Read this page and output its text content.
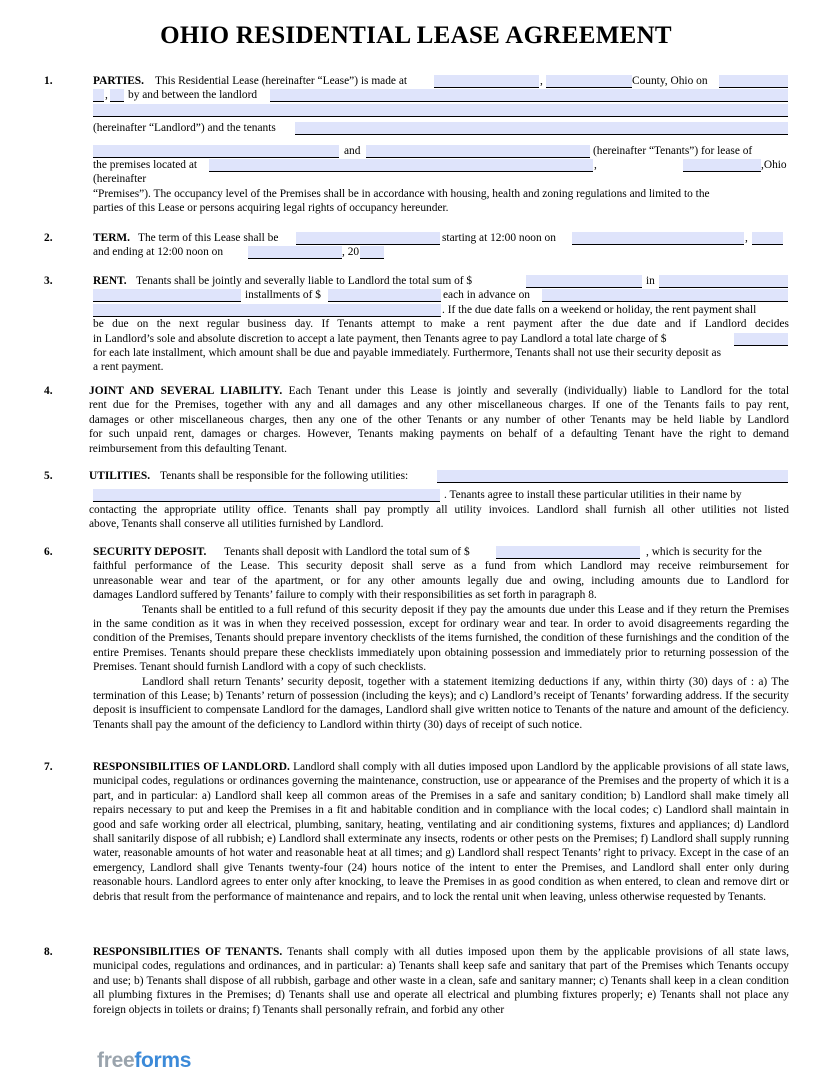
OHIO RESIDENTIAL LEASE AGREEMENT
1.	PARTIES. This Residential Lease (hereinafter “Lease”) is made at	,	County, Ohio on
, by and between the landlord
(hereinafter “Landlord”) and the tenants
and	(hereinafter “Tenants”) for lease of
the premises located at	,	,Ohio
(hereinafter
“Premises”). The occupancy level of the Premises shall be in accordance with housing, health and zoning regulations and limited to the
parties of this Lease or persons acquiring legal rights of occupancy hereunder.
2.	TERM. The term of this Lease shall be	starting at 12:00 noon on	,
and ending at 12:00 noon on	, 20
3.	RENT. Tenants shall be jointly and severally liable to Landlord the total sum of $	in
installments of $	each in advance on
. If the due date falls on a weekend or holiday, the rent payment shall
be due on the next regular business day. If Tenants attempt to make a rent payment after the due date and if Landlord decides
in Landlord’s sole and absolute discretion to accept a late payment, then Tenants agree to pay Landlord a total late charge of $
for each late installment, which amount shall be due and payable immediately. Furthermore, Tenants shall not use their security deposit as
a rent payment.
4.	JOINT AND SEVERAL LIABILITY. Each Tenant under this Lease is jointly and severally (individually) liable to Landlord for the total
rent due for the Premises, together with any and all damages and any other miscellaneous charges. If one of the Tenants fails to pay rent,
damages or other miscellaneous charges, then any one of the other Tenants or any number of other Tenants may be held liable by Landlord
for such unpaid rent, damages or charges. However, Tenants making payments on behalf of a defaulting Tenant have the right to demand
reimbursement from this defaulting Tenant.
5.	UTILITIES. Tenants shall be responsible for the following utilities:
. Tenants agree to install these particular utilities in their name by
contacting the appropriate utility office. Tenants shall pay promptly all utility invoices. Landlord shall furnish all other utilities not listed
above, Tenants shall conserve all utilities furnished by Landlord.
6.	SECURITY DEPOSIT. Tenants shall deposit with Landlord the total sum of $	, which is security for the
faithful performance of the Lease. This security deposit shall serve as a fund from which Landlord may receive reimbursement for
unreasonable wear and tear of the apartment, or for any other amounts legally due and owing, including amounts due to Landlord for
damages Landlord suffered by Tenants’ failure to comply with their responsibilities as set forth in paragraph 8.

Tenants shall be entitled to a full refund of this security deposit if they pay the amounts due under this Lease and if they return the Premises in the same condition as it was in when they received possession, except for ordinary wear and tear. In order to avoid disagreements regarding the condition of the Premises, Tenants should prepare inventory checklists of the items furnished, the condition of these furnishings and the condition of the entire Premises. Tenants should prepare these checklists immediately upon obtaining possession and immediately prior to returning possession of the Premises. Tenant should furnish Landlord with a copy of such checklists.

Landlord shall return Tenants’ security deposit, together with a statement itemizing deductions if any, within thirty (30) days of : a) The termination of this Lease; b) Tenants’ return of possession (including the keys); and c) Landlord’s receipt of Tenants’ forwarding address. If the security deposit is insufficient to compensate Landlord for the damages, Landlord shall give written notice to Tenants of the nature and amount of the deficiency. Tenants shall pay the amount of the deficiency to Landlord within thirty (30) days of receipt of such notice.

7.	RESPONSIBILITIES OF LANDLORD. Landlord shall comply with all duties imposed upon Landlord by the applicable provisions of all state laws, municipal codes, regulations or ordinances governing the maintenance, construction, use or appearance of the Premises and the property of which it is a part, and in particular: a) Landlord shall keep all common areas of the Premises in a safe and sanitary condition; b) Landlord shall make timely all repairs necessary to put and keep the Premises in a fit and habitable condition and in compliance with the local codes; c) Landlord shall maintain in good and safe working order all electrical, plumbing, sanitary, heating, ventilating and air conditioning systems, fixtures and appliances; d) Landlord shall sanitarily dispose of all rubbish; e) Landlord shall exterminate any insects, rodents or other pests on the Premises; f) Landlord shall supply running water, reasonable amounts of hot water and reasonable heat at all times; and g) Landlord shall respect Tenants’ right to privacy. Except in the case of an emergency, Landlord shall give Tenants twenty-four (24) hours notice of the intent to enter the Premises, and Landlord shall enter only during reasonable hours. Landlord agrees to enter only after knocking, to leave the Premises in as good condition as when entered, to clean and remove dirt or debris that result from the performance of maintenance and repairs, and to lock the rental unit when leaving, unless otherwise requested by Tenants.

8.	RESPONSIBILITIES OF TENANTS. Tenants shall comply with all duties imposed upon them by the applicable provisions of all state laws, municipal codes, regulations and ordinances, and in particular: a) Tenants shall keep safe and sanitary that part of the Premises which Tenants occupy and use; b) Tenants shall dispose of all rubbish, garbage and other waste in a clean, safe and sanitary manner; c) Tenants shall keep in a clean condition all plumbing fixtures in the Premises; d) Tenants shall use and operate all electrical and plumbing fixtures properly; e) Tenants shall not place any foreign objects in toilets or drains; f) Tenants shall personally refrain, and forbid any other

freeforms
